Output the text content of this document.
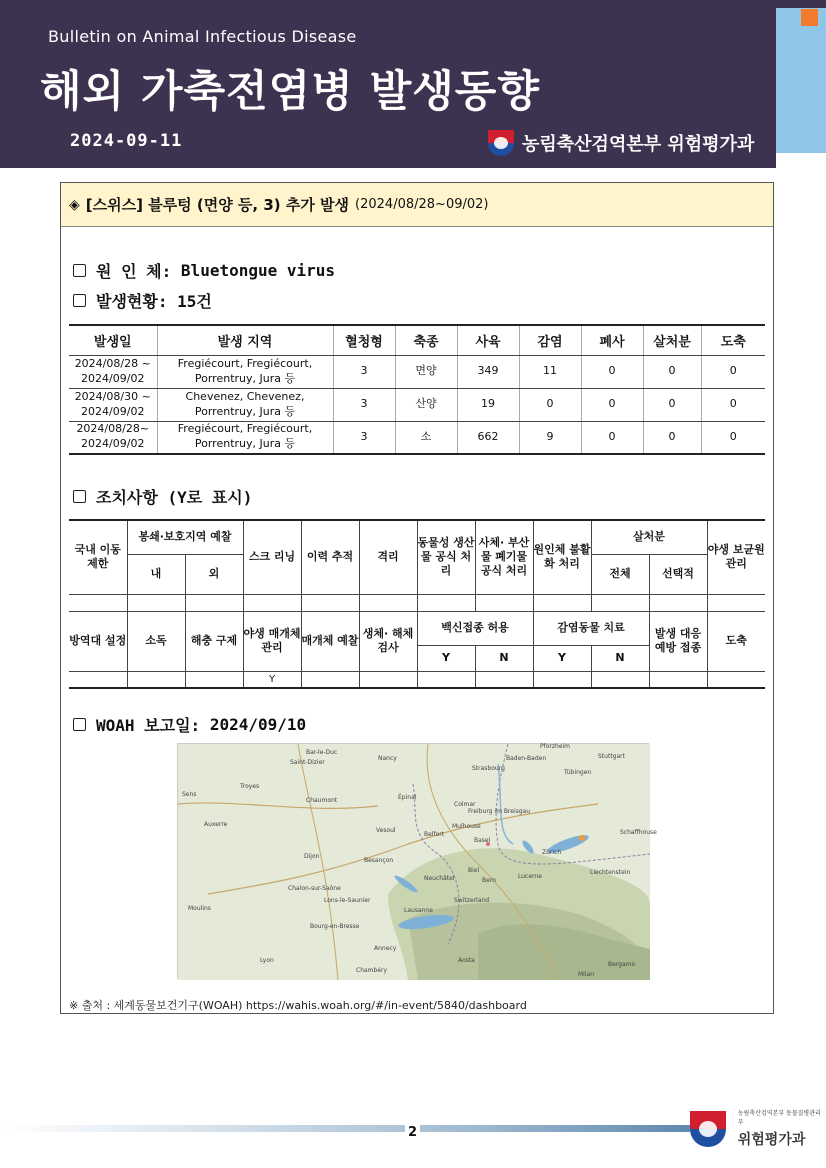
Bulletin on Animal Infectious Disease
해외 가축전염병 발생동향
2024-09-11	농림축산검역본부 위험평가과
◈ [스위스] 블루텅 (면양 등, 3) 추가 발생 (2024/08/28~09/02)
원 인 체:
Bluetongue virus
발생현황:
15건
발생일	발생 지역	혈청형	축종	사육	감염	폐사	살처분	도축
2024/08/28 ~ 2024/09/02	Fregiécourt, Fregiécourt, Porrentruy, Jura 등	3	면양	349	11	0	0	0
2024/08/30 ~ 2024/09/02	Chevenez, Chevenez, Porrentruy, Jura 등	3	산양	19	0	0	0	0
2024/08/28~ 2024/09/02	Fregiécourt, Fregiécourt, Porrentruy, Jura 등	3	소	662	9	0	0	0
조치사항 (Y로 표시)
국내 이동 제한	봉쇄·보호지역 예찰		스크 리닝	이력 추적	격리	동물성 생산물 공식 처리	사체· 부산물 폐기물 공식 처리	원인체 불활화 처리	살처분		야생 보균원 관리
	내	외							전체	선택적	

방역대 설정	소독	해충 구제	야생 매개체 관리	매개체 예찰	생체· 해체 검사	백신접종 허용		감염동물 치료		발생 대응 예방 접종	도축
						Y	N	Y	N		
			Y								
WOAH 보고일:
2024/09/10
Bar-le-Duc
Saint-Dizier
Nancy
Strasbourg
Pforzheim
Stuttgart
Baden-Baden
Troyes
Chaumont	Épinal
Colmar
Freiburg im Breisgau
Tübingen
Sens
Auxerre
Vesoul
Belfort
Mulhouse
Basel
Zürich
Schaffhouse
Dijon
Besançon
Biel
Neuchâtel	Bern
Lucerne
Liechtenstein
Chalon-sur-Saône
Lons-le-Saunier
Lausanne
Switzerland
Moulins
Bourg-en-Bresse
Annecy
Chambéry
Lyon	Aosta
Bergamo
Milan
※ 출처 : 세계동물보건기구(WOAH) https://wahis.woah.org/#/in-event/5840/dashboard
2
농림축산검역본부 동물질병관리부
위험평가과
